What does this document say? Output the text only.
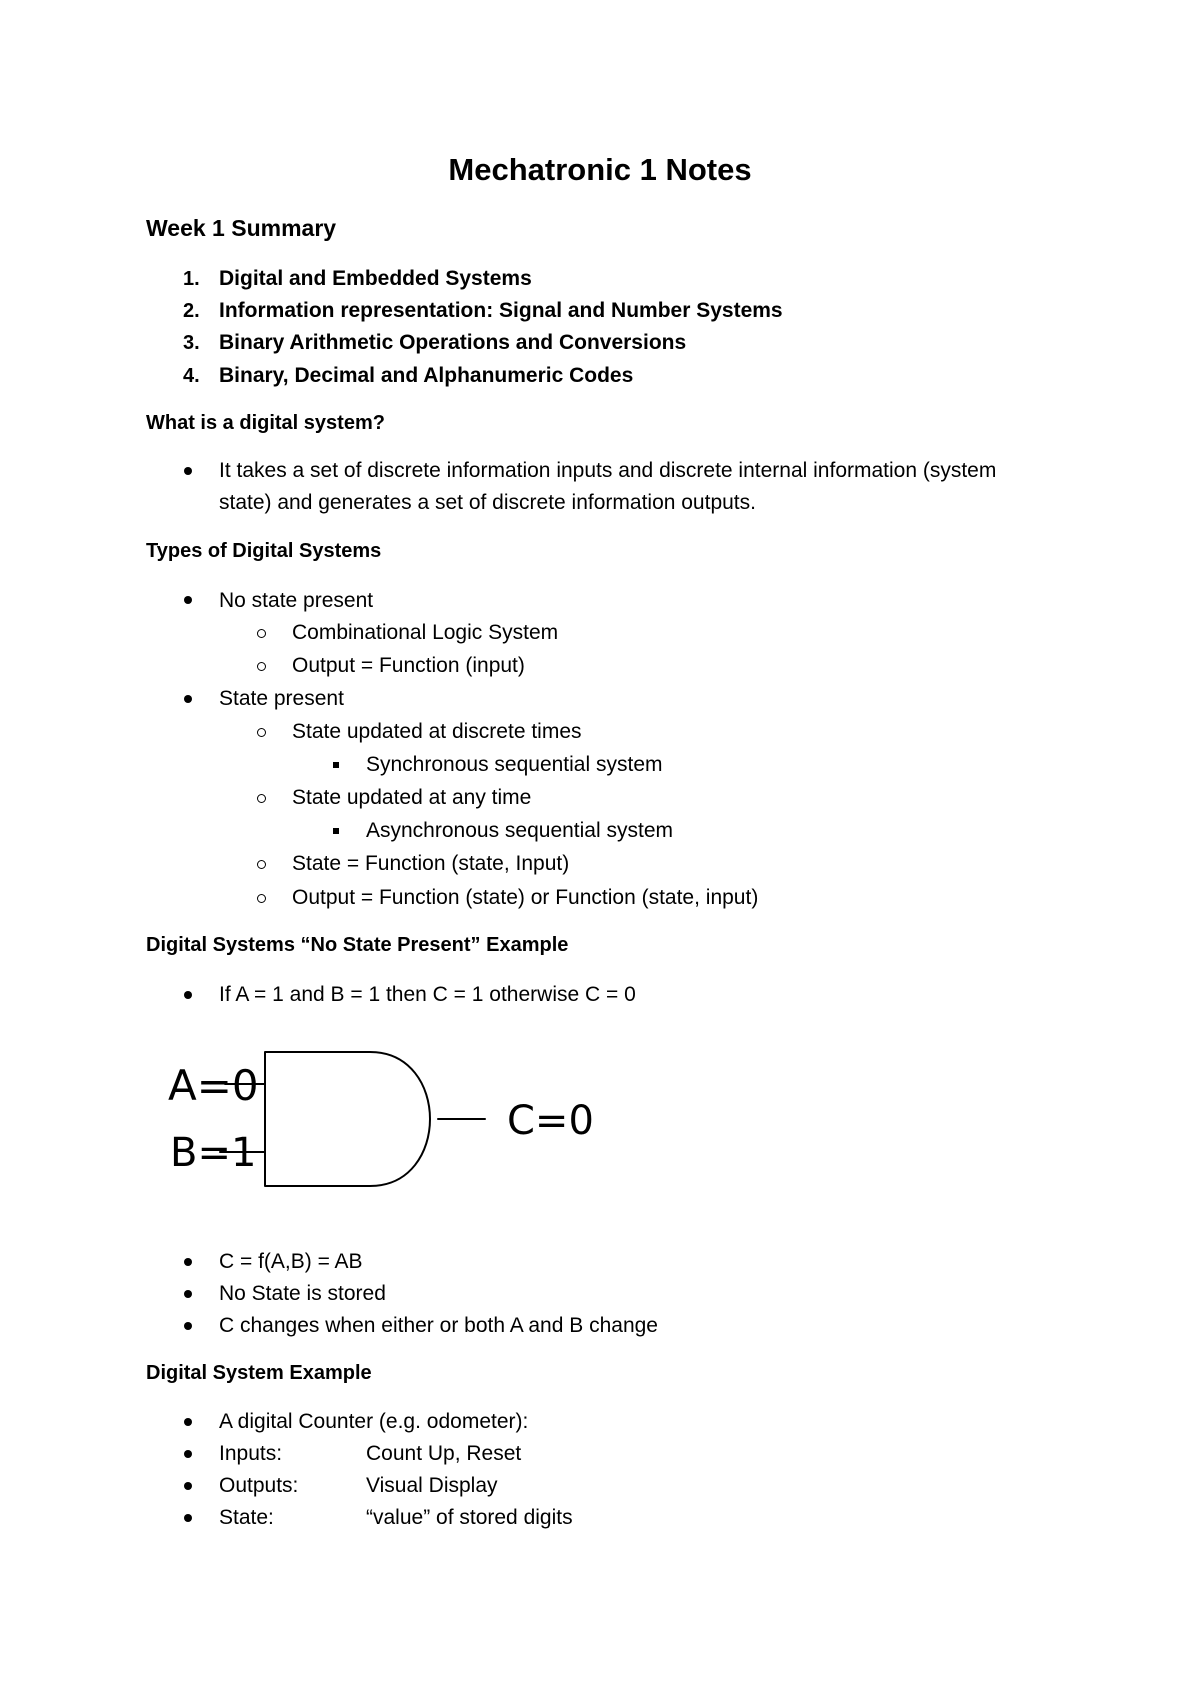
Mechatronic 1 Notes
Week 1 Summary
1. Digital and Embedded Systems
2. Information representation: Signal and Number Systems
3. Binary Arithmetic Operations and Conversions
4. Binary, Decimal and Alphanumeric Codes
What is a digital system?
It takes a set of discrete information inputs and discrete internal information (system
state) and generates a set of discrete information outputs.
Types of Digital Systems
No state present
Combinational Logic System
Output = Function (input)
State present
State updated at discrete times
Synchronous sequential system
State updated at any time
Asynchronous sequential system
State = Function (state, Input)
Output = Function (state) or Function (state, input)
Digital Systems “No State Present” Example
If A = 1 and B = 1 then C = 1 otherwise C = 0
A=0
B=1
C=0
C = f(A,B) = AB
No State is stored
C changes when either or both A and B change
Digital System Example
A digital Counter (e.g. odometer):
Inputs:	Count Up, Reset
Outputs:	Visual Display
State:	“value” of stored digits
